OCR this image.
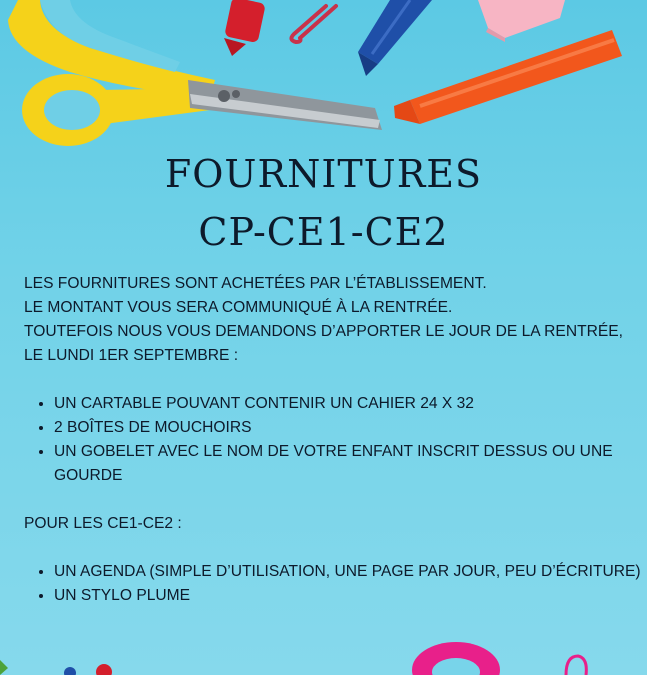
FOURNITURES
CP-CE1-CE2

LES FOURNITURES SONT ACHETÉES PAR L’ÉTABLISSEMENT.

LE MONTANT VOUS SERA COMMUNIQUÉ À LA RENTRÉE.

TOUTEFOIS NOUS VOUS DEMANDONS D’APPORTER LE JOUR DE LA RENTRÉE,

LE LUNDI 1ER SEPTEMBRE :

• UN CARTABLE POUVANT CONTENIR UN CAHIER 24 X 32
• 2 BOÎTES DE MOUCHOIRS
• UN GOBELET AVEC LE NOM DE VOTRE ENFANT INSCRIT DESSUS OU UNE GOURDE

POUR LES CE1-CE2 :

• UN AGENDA (SIMPLE D’UTILISATION, UNE PAGE PAR JOUR, PEU D’ÉCRITURE)
• UN STYLO PLUME
